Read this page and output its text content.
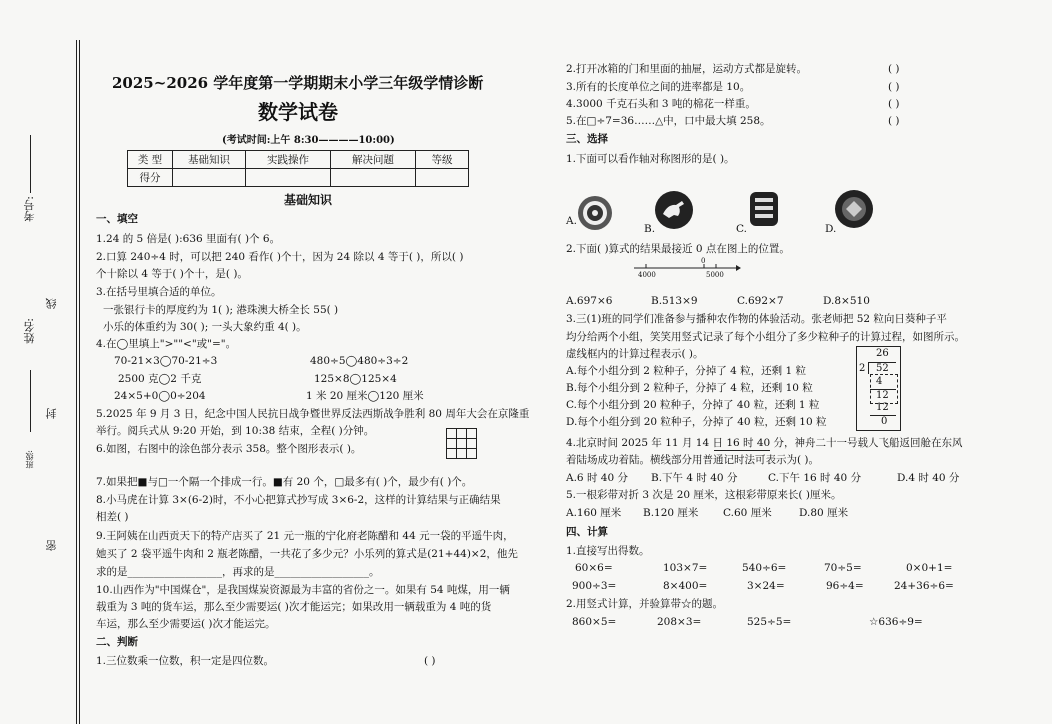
考号:
姓名:
班级:
线
封
密
2025~2026 学年度第一学期期末小学三年级学情诊断
数学试卷
(考试时间:上午 8:30————10:00)
类 型	基础知识	实践操作	解决问题	等级
得分				
基础知识
一、填空
1.24 的 5 倍是( ):636 里面有( )个 6。
2.口算 240÷4 时，可以把 240 看作( )个十，因为 24 除以 4 等于( )，所以( )
个十除以 4 等于( )个十，是( )。
3.在括号里填合适的单位。
一张银行卡的厚度约为 1( ); 港珠澳大桥全长 55( )
小乐的体重约为 30( ); 一头大象约重 4( )。
4.在◯里填上">""<"或"="。
70-21×3◯70-21÷3	480÷5◯480÷3÷2
2500 克◯2 千克	125×8◯125×4
24×5+0◯0÷204	1 米 20 厘米◯120 厘米
5.2025 年 9 月 3 日，纪念中国人民抗日战争暨世界反法西斯战争胜利 80 周年大会在京隆重
举行。阅兵式从 9:20 开始，到 10:38 结束，全程( )分钟。
6.如图，右图中的涂色部分表示 358。整个图形表示( )。
7.如果把■与□一个隔一个排成一行。■有 20 个，□最多有( )个，最少有( )个。
8.小马虎在计算 3×(6-2)时，不小心把算式抄写成 3×6-2，这样的计算结果与正确结果
相差( )
9.王阿姨在山西贡天下的特产店买了 21 元一瓶的宁化府老陈醋和 44 元一袋的平遥牛肉，
她买了 2 袋平遥牛肉和 2 瓶老陈醋，一共花了多少元？小乐列的算式是(21+44)×2，他先
求的是__________________，再求的是__________________。
10.山西作为"中国煤仓"，是我国煤炭资源最为丰富的省份之一。如果有 54 吨煤，用一辆
载重为 3 吨的货车运，那么至少需要运( )次才能运完；如果改用一辆载重为 4 吨的货
车运，那么至少需要运( )次才能运完。
二、判断
1.三位数乘一位数，积一定是四位数。	( )
2.打开冰箱的门和里面的抽屉，运动方式都是旋转。	( )
3.所有的长度单位之间的进率都是 10。	( )
4.3000 千克石头和 3 吨的棉花一样重。	( )
5.在□÷7=36……△中，口中最大填 258。	( )
三、选择
1.下面可以看作轴对称图形的是( )。
A.
B.	C.	D.
2.下面( )算式的结果最接近 0 点在图上的位置。
4000	5000
0
A.697×6	B.513×9	C.692×7	D.8×510
3.三(1)班的同学们准备参与播种农作物的体验活动。张老师把 52 粒向日葵种子平
均分给两个小组，笑笑用竖式记录了每个小组分了多少粒种子的计算过程，如图所示。
虚线框内的计算过程表示( )。
A.每个小组分到 2 粒种子，分掉了 4 粒，还剩 1 粒
B.每个小组分到 2 粒种子，分掉了 4 粒，还剩 10 粒
C.每个小组分到 20 粒种子，分掉了 40 粒，还剩 1 粒
D.每个小组分到 20 粒种子，分掉了 40 粒，还剩 10 粒
26
2 52
4
12
12
0
4.北京时间 2025 年 11 月 14 日 16 时 40 分，神舟二十一号载人飞船返回舱在东风
着陆场成功着陆。横线部分用普通记时法可表示为( )。
A.6 时 40 分 B.下午 4 时 40 分	C.下午 16 时 40 分	D.4 时 40 分
5.一根彩带对折 3 次是 20 厘米，这根彩带原来长( )厘米。
A.160 厘米 B.120 厘米 C.60 厘米	D.80 厘米
四、计算
1.直接写出得数。
60×6=	103×7=	540÷6=	70÷5=	0×0+1=
900÷3=	8×400=	3×24=	96÷4=	24+36÷6=
2.用竖式计算，并验算带☆的题。
860×5=	208×3=	525÷5=	☆636÷9=
